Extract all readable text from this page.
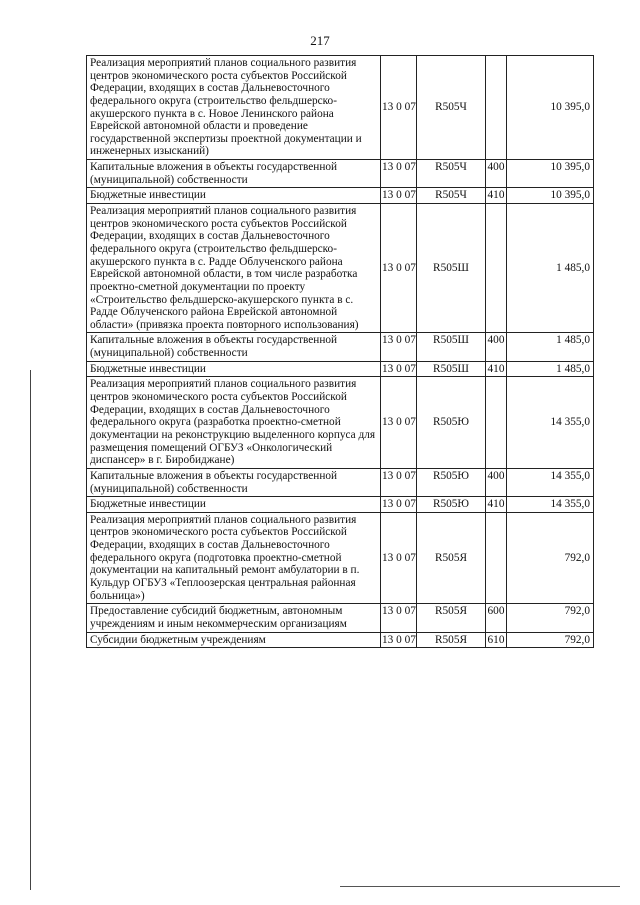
217
Реализация мероприятий планов социального развития центров экономического роста субъектов Российской Федерации, входящих в состав Дальневосточного федерального округа (строительство фельдшерско-акушерского пункта в с. Новое Ленинского района Еврейской автономной области и проведение государственной экспертизы проектной документации и инженерных изысканий)	13 0 07	R505Ч		10 395,0
Капитальные вложения в объекты государственной (муниципальной) собственности	13 0 07	R505Ч	400	10 395,0
Бюджетные инвестиции	13 0 07	R505Ч	410	10 395,0
Реализация мероприятий планов социального развития центров экономического роста субъектов Российской Федерации, входящих в состав Дальневосточного федерального округа (строительство фельдшерско-акушерского пункта в с. Радде Облученского района Еврейской автономной области, в том числе разработка проектно-сметной документации по проекту «Строительство фельдшерско-акушерского пункта в с. Радде Облученского района Еврейской автономной области» (привязка проекта повторного использования)	13 0 07	R505Ш		1 485,0
Капитальные вложения в объекты государственной (муниципальной) собственности	13 0 07	R505Ш	400	1 485,0
Бюджетные инвестиции	13 0 07	R505Ш	410	1 485,0
Реализация мероприятий планов социального развития центров экономического роста субъектов Российской Федерации, входящих в состав Дальневосточного федерального округа (разработка проектно-сметной документации на реконструкцию выделенного корпуса для размещения помещений ОГБУЗ «Онкологический диспансер» в г. Биробиджане)	13 0 07	R505Ю		14 355,0
Капитальные вложения в объекты государственной (муниципальной) собственности	13 0 07	R505Ю	400	14 355,0
Бюджетные инвестиции	13 0 07	R505Ю	410	14 355,0
Реализация мероприятий планов социального развития центров экономического роста субъектов Российской Федерации, входящих в состав Дальневосточного федерального округа (подготовка проектно-сметной документации на капитальный ремонт амбулатории в п. Кульдур ОГБУЗ «Теплоозерская центральная районная больница»)	13 0 07	R505Я		792,0
Предоставление субсидий бюджетным, автономным учреждениям и иным некоммерческим организациям	13 0 07	R505Я	600	792,0
Субсидии бюджетным учреждениям	13 0 07	R505Я	610	792,0
